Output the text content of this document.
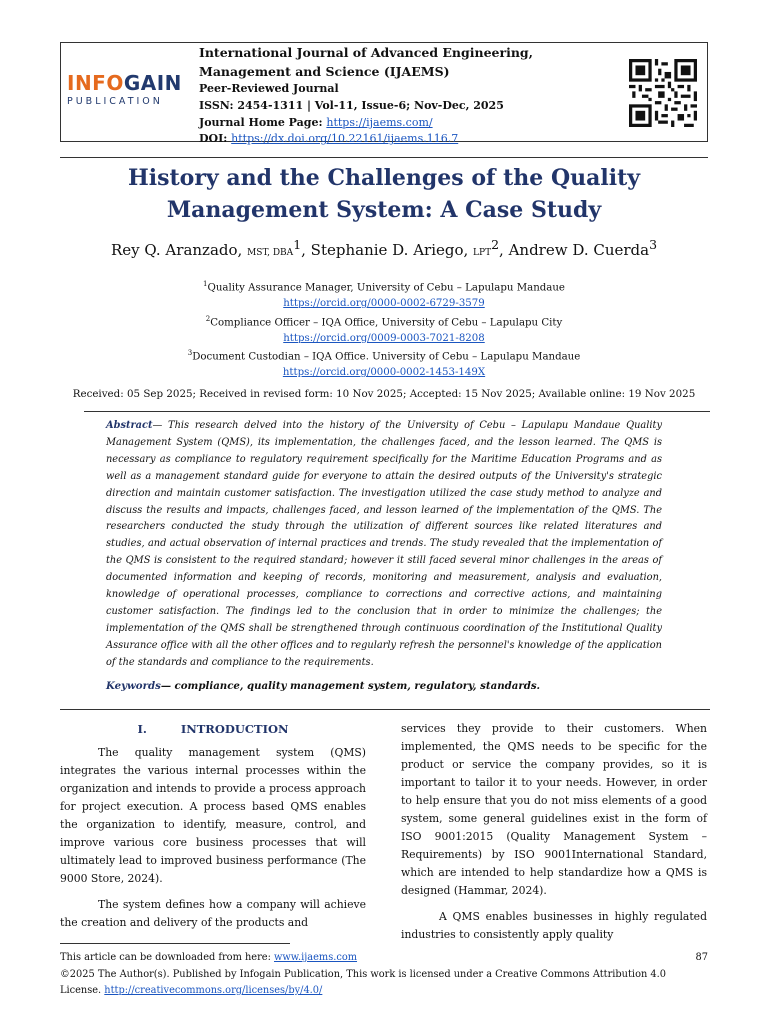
INFOGAIN
PUBLICATION
International Journal of Advanced Engineering, Management and Science (IJAEMS)
Peer-Reviewed Journal
ISSN: 2454-1311 | Vol-11, Issue-6; Nov-Dec, 2025
Journal Home Page: https://ijaems.com/
DOI: https://dx.doi.org/10.22161/ijaems.116.7
History and the Challenges of the Quality Management System: A Case Study
Rey Q. Aranzado, MST, DBA$^1$, Stephanie D. Ariego, LPT$^2$, Andrew D. Cuerda$^3$
$^1$Quality Assurance Manager, University of Cebu – Lapulapu Mandaue
https://orcid.org/0000-0002-6729-3579
$^2$Compliance Officer – IQA Office, University of Cebu – Lapulapu City
https://orcid.org/0009-0003-7021-8208
$^3$Document Custodian – IQA Office. University of Cebu – Lapulapu Mandaue
https://orcid.org/0000-0002-1453-149X
Received: 05 Sep 2025; Received in revised form: 10 Nov 2025; Accepted: 15 Nov 2025; Available online: 19 Nov 2025
Abstract— This research delved into the history of the University of Cebu – Lapulapu Mandaue Quality Management System (QMS), its implementation, the challenges faced, and the lesson learned. The QMS is necessary as compliance to regulatory requirement specifically for the Maritime Education Programs and as well as a management standard guide for everyone to attain the desired outputs of the University's strategic direction and maintain customer satisfaction. The investigation utilized the case study method to analyze and discuss the results and impacts, challenges faced, and lesson learned of the implementation of the QMS. The researchers conducted the study through the utilization of different sources like related literatures and studies, and actual observation of internal practices and trends. The study revealed that the implementation of the QMS is consistent to the required standard; however it still faced several minor challenges in the areas of documented information and keeping of records, monitoring and measurement, analysis and evaluation, knowledge of operational processes, compliance to corrections and corrective actions, and maintaining customer satisfaction. The findings led to the conclusion that in order to minimize the challenges; the implementation of the QMS shall be strengthened through continuous coordination of the Institutional Quality Assurance office with all the other offices and to regularly refresh the personnel's knowledge of the application of the standards and compliance to the requirements.
Keywords— compliance, quality management system, regulatory, standards.
I.	INTRODUCTION

The quality management system (QMS) integrates the various internal processes within the organization and intends to provide a process approach for project execution. A process based QMS enables the organization to identify, measure, control, and improve various core business processes that will ultimately lead to improved business performance (The 9000 Store, 2024).

The system defines how a company will achieve the creation and delivery of the products and

services they provide to their customers. When implemented, the QMS needs to be specific for the product or service the company provides, so it is important to tailor it to your needs. However, in order to help ensure that you do not miss elements of a good system, some general guidelines exist in the form of ISO 9001:2015 (Quality Management System – Requirements) by ISO 9001International Standard, which are intended to help standardize how a QMS is designed (Hammar, 2024).

A QMS enables businesses in highly regulated industries to consistently apply quality

This article can be downloaded from here: www.ijaems.com	87
©2025 The Author(s). Published by Infogain Publication, This work is licensed under a Creative Commons Attribution 4.0 License. http://creativecommons.org/licenses/by/4.0/
